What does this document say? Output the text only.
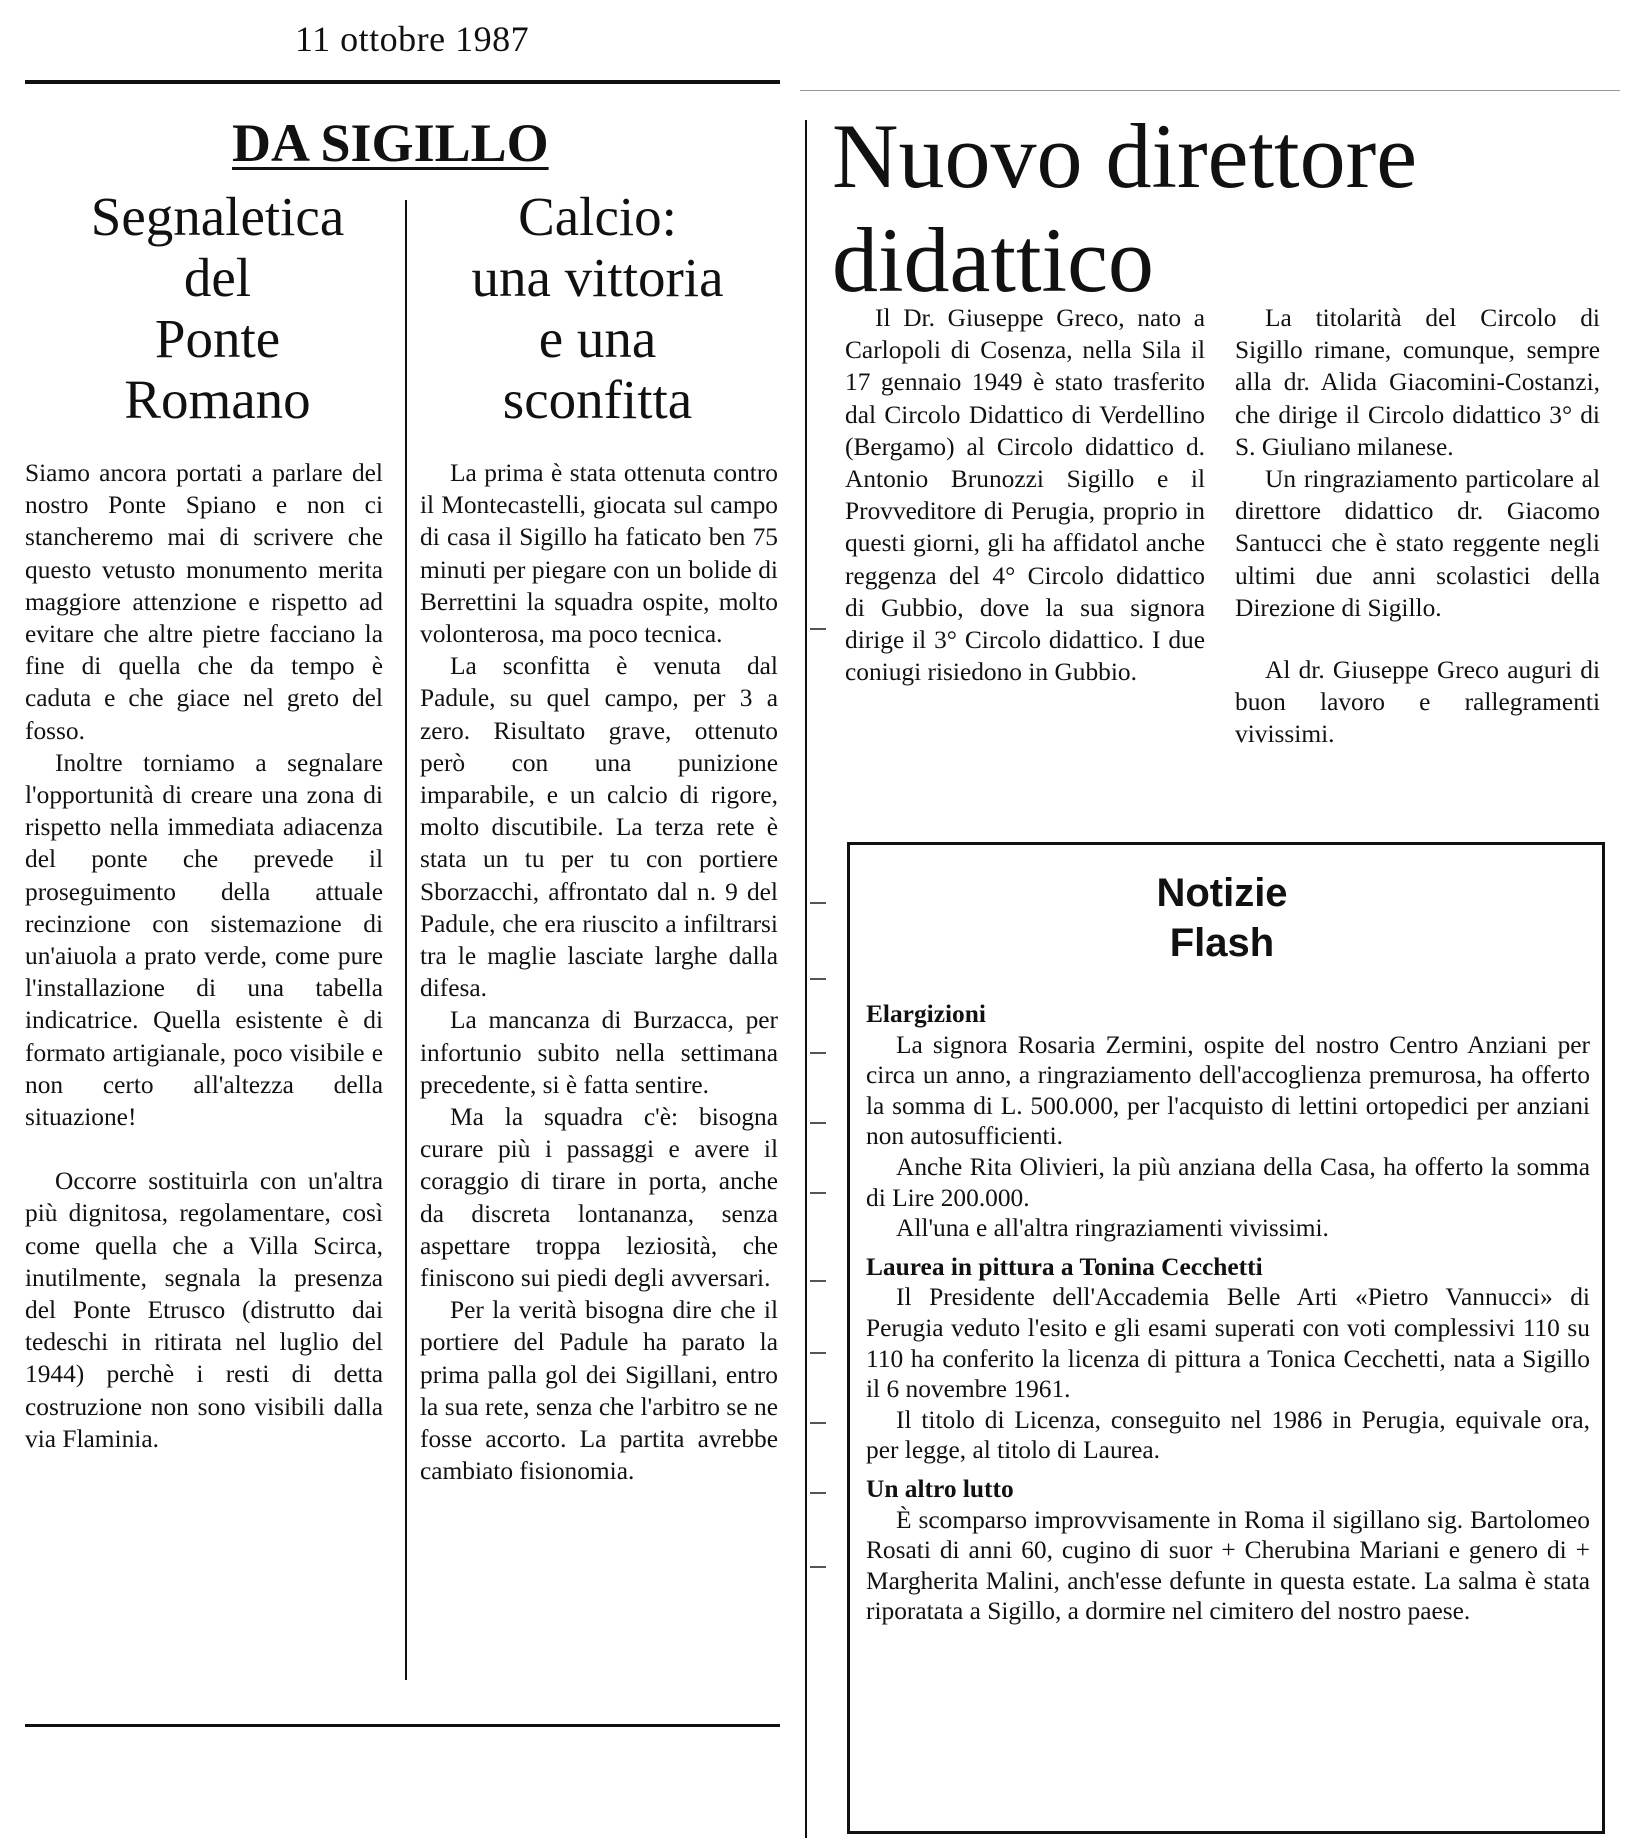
11 ottobre 1987
DA SIGILLO
Segnaletica
del
Ponte
Romano

Siamo ancora portati a parlare del nostro Ponte Spiano e non ci stancheremo mai di scrivere che questo vetusto monumento merita maggiore attenzione e rispetto ad evitare che altre pietre facciano la fine di quella che da tempo è caduta e che giace nel greto del fosso.

Inoltre torniamo a segnalare l'opportunità di creare una zona di rispetto nella immediata adiacenza del ponte che prevede il proseguimento della attuale recinzione con sistemazione di un'aiuola a prato verde, come pure l'installazione di una tabella indicatrice. Quella esistente è di formato artigianale, poco visibile e non certo all'altezza della situazione!

Occorre sostituirla con un'altra più dignitosa, regolamentare, così come quella che a Villa Scirca, inutilmente, segnala la presenza del Ponte Etrusco (distrutto dai tedeschi in ritirata nel luglio del 1944) perchè i resti di detta costruzione non sono visibili dalla via Flaminia.

Calcio:
una vittoria
e una
sconfitta

La prima è stata ottenuta contro il Montecastelli, giocata sul campo di casa il Sigillo ha faticato ben 75 minuti per piegare con un bolide di Berrettini la squadra ospite, molto volonterosa, ma poco tecnica.

La sconfitta è venuta dal Padule, su quel campo, per 3 a zero. Risultato grave, ottenuto però con una punizione imparabile, e un calcio di rigore, molto discutibile. La terza rete è stata un tu per tu con portiere Sborzacchi, affrontato dal n. 9 del Padule, che era riuscito a infiltrarsi tra le maglie lasciate larghe dalla difesa.

La mancanza di Burzacca, per infortunio subito nella settimana precedente, si è fatta sentire.

Ma la squadra c'è: bisogna curare più i passaggi e avere il coraggio di tirare in porta, anche da discreta lontananza, senza aspettare troppa leziosità, che finiscono sui piedi degli avversari.

Per la verità bisogna dire che il portiere del Padule ha parato la prima palla gol dei Sigillani, entro la sua rete, senza che l'arbitro se ne fosse accorto. La partita avrebbe cambiato fisionomia.

Nuovo direttore
didattico

Il Dr. Giuseppe Greco, nato a Carlopoli di Cosenza, nella Sila il 17 gennaio 1949 è stato trasferito dal Circolo Didattico di Verdellino (Bergamo) al Circolo didattico d. Antonio Brunozzi Sigillo e il Provveditore di Perugia, proprio in questi giorni, gli ha affidatol anche reggenza del 4° Circolo didattico di Gubbio, dove la sua signora dirige il 3° Circolo didattico. I due coniugi risiedono in Gubbio.

La titolarità del Circolo di Sigillo rimane, comunque, sempre alla dr. Alida Giacomini-Costanzi, che dirige il Circolo didattico 3° di S. Giuliano milanese.

Un ringraziamento particolare al direttore didattico dr. Giacomo Santucci che è stato reggente negli ultimi due anni scolastici della Direzione di Sigillo.

Al dr. Giuseppe Greco auguri di buon lavoro e rallegramenti vivissimi.

Notizie
Flash

Elargizioni

La signora Rosaria Zermini, ospite del nostro Centro Anziani per circa un anno, a ringraziamento dell'accoglienza premurosa, ha offerto la somma di L. 500.000, per l'acquisto di lettini ortopedici per anziani non autosufficienti.

Anche Rita Olivieri, la più anziana della Casa, ha offerto la somma di Lire 200.000.

All'una e all'altra ringraziamenti vivissimi.

Laurea in pittura a Tonina Cecchetti

Il Presidente dell'Accademia Belle Arti «Pietro Vannucci» di Perugia veduto l'esito e gli esami superati con voti complessivi 110 su 110 ha conferito la licenza di pittura a Tonica Cecchetti, nata a Sigillo il 6 novembre 1961.

Il titolo di Licenza, conseguito nel 1986 in Perugia, equivale ora, per legge, al titolo di Laurea.

Un altro lutto

È scomparso improvvisamente in Roma il sigillano sig. Bartolomeo Rosati di anni 60, cugino di suor + Cherubina Mariani e genero di + Margherita Malini, anch'esse defunte in questa estate. La salma è stata riporatata a Sigillo, a dormire nel cimitero del nostro paese.
